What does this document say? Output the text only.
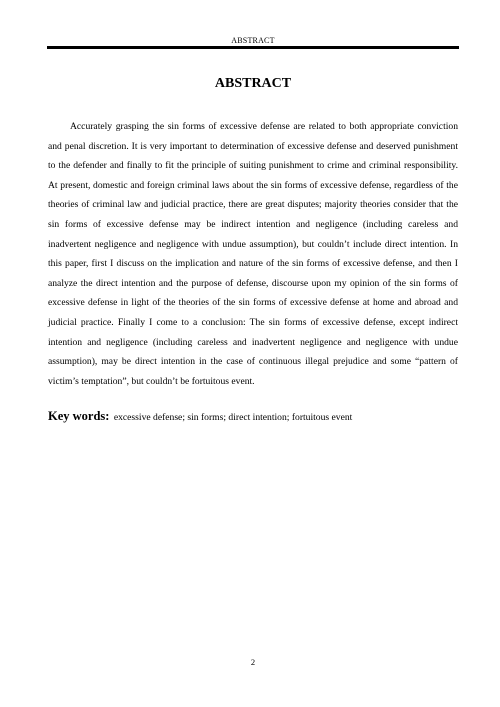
ABSTRACT
ABSTRACT

Accurately grasping the sin forms of excessive defense are related to both appropriate conviction and penal discretion. It is very important to determination of excessive defense and deserved punishment to the defender and finally to fit the principle of suiting punishment to crime and criminal responsibility. At present, domestic and foreign criminal laws about the sin forms of excessive defense, regardless of the theories of criminal law and judicial practice, there are great disputes; majority theories consider that the sin forms of excessive defense may be indirect intention and negligence (including careless and inadvertent negligence and negligence with undue assumption), but couldn’t include direct intention. In this paper, first I discuss on the implication and nature of the sin forms of excessive defense, and then I analyze the direct intention and the purpose of defense, discourse upon my opinion of the sin forms of excessive defense in light of the theories of the sin forms of excessive defense at home and abroad and judicial practice. Finally I come to a conclusion: The sin forms of excessive defense, except indirect intention and negligence (including careless and inadvertent negligence and negligence with undue assumption), may be direct intention in the case of continuous illegal prejudice and some “pattern of victim’s temptation”, but couldn’t be fortuitous event.

Key words: excessive defense; sin forms; direct intention; fortuitous event

2
